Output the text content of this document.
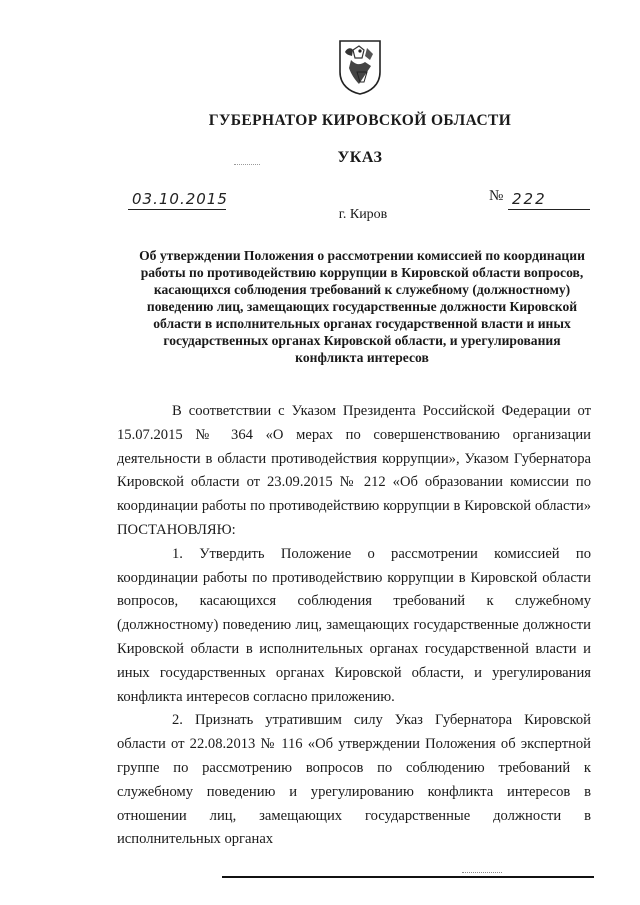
ГУБЕРНАТОР КИРОВСКОЙ ОБЛАСТИ
УКАЗ
03.10.2015	№ 222
г. Киров
Об утверждении Положения о рассмотрении комиссией по координации работы по противодействию коррупции в Кировской области вопросов, касающихся соблюдения требований к служебному (должностному) поведению лиц, замещающих государственные должности Кировской области в исполнительных органах государственной власти и иных государственных органах Кировской области, и урегулирования конфликта интересов

В соответствии с Указом Президента Российской Федерации от 15.07.2015 № 364 «О мерах по совершенствованию организации деятельности в области противодействия коррупции», Указом Губернатора Кировской области от 23.09.2015 № 212 «Об образовании комиссии по координации работы по противодействию коррупции в Кировской области» ПОСТАНОВЛЯЮ:

1. Утвердить Положение о рассмотрении комиссией по координации работы по противодействию коррупции в Кировской области вопросов, касающихся соблюдения требований к служебному (должностному) поведению лиц, замещающих государственные должности Кировской области в исполнительных органах государственной власти и иных государственных органах Кировской области, и урегулирования конфликта интересов согласно приложению.

2. Признать утратившим силу Указ Губернатора Кировской области от 22.08.2013 № 116 «Об утверждении Положения об экспертной группе по рассмотрению вопросов по соблюдению требований к служебному поведению и урегулированию конфликта интересов в отношении лиц, замещающих государственные должности в исполнительных органах
